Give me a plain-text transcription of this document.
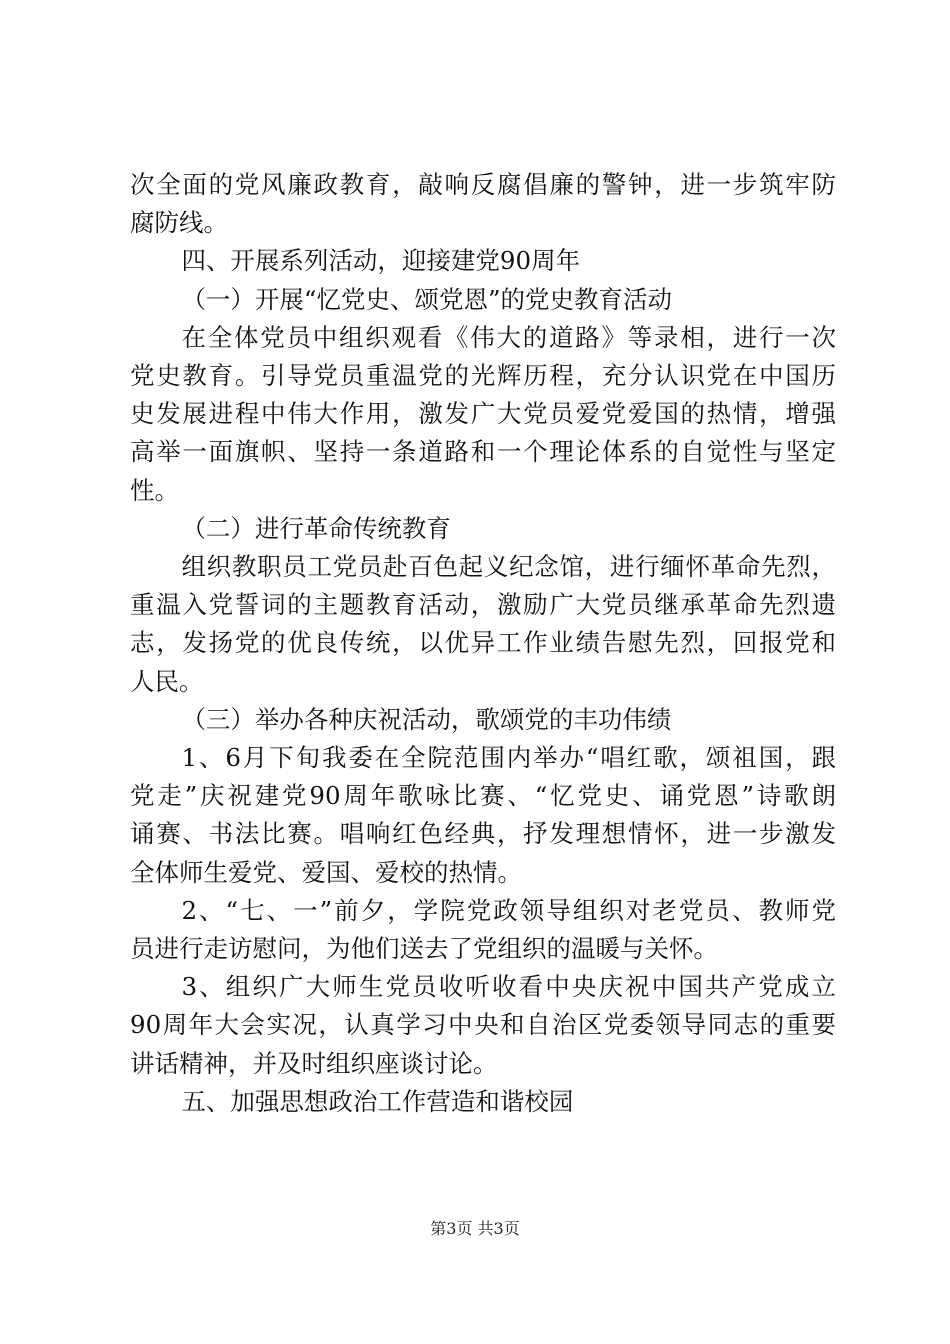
次全面的党风廉政教育，敲响反腐倡廉的警钟，进一步筑牢防
腐防线。
四、开展系列活动，迎接建党90周年
（一）开展“忆党史、颂党恩”的党史教育活动
在全体党员中组织观看《伟大的道路》等录相，进行一次
党史教育。引导党员重温党的光辉历程，充分认识党在中国历
史发展进程中伟大作用，激发广大党员爱党爱国的热情，增强
高举一面旗帜、坚持一条道路和一个理论体系的自觉性与坚定
性。
（二）进行革命传统教育
组织教职员工党员赴百色起义纪念馆，进行缅怀革命先烈，
重温入党誓词的主题教育活动，激励广大党员继承革命先烈遗
志，发扬党的优良传统，以优异工作业绩告慰先烈，回报党和
人民。
（三）举办各种庆祝活动，歌颂党的丰功伟绩
1、6月下旬我委在全院范围内举办“唱红歌，颂祖国，跟
党走”庆祝建党90周年歌咏比赛、“忆党史、诵党恩”诗歌朗
诵赛、书法比赛。唱响红色经典，抒发理想情怀，进一步激发
全体师生爱党、爱国、爱校的热情。
2、“七、一”前夕，学院党政领导组织对老党员、教师党
员进行走访慰问，为他们送去了党组织的温暖与关怀。
3、组织广大师生党员收听收看中央庆祝中国共产党成立
90周年大会实况，认真学习中央和自治区党委领导同志的重要
讲话精神，并及时组织座谈讨论。
五、加强思想政治工作营造和谐校园
第3页 共3页
